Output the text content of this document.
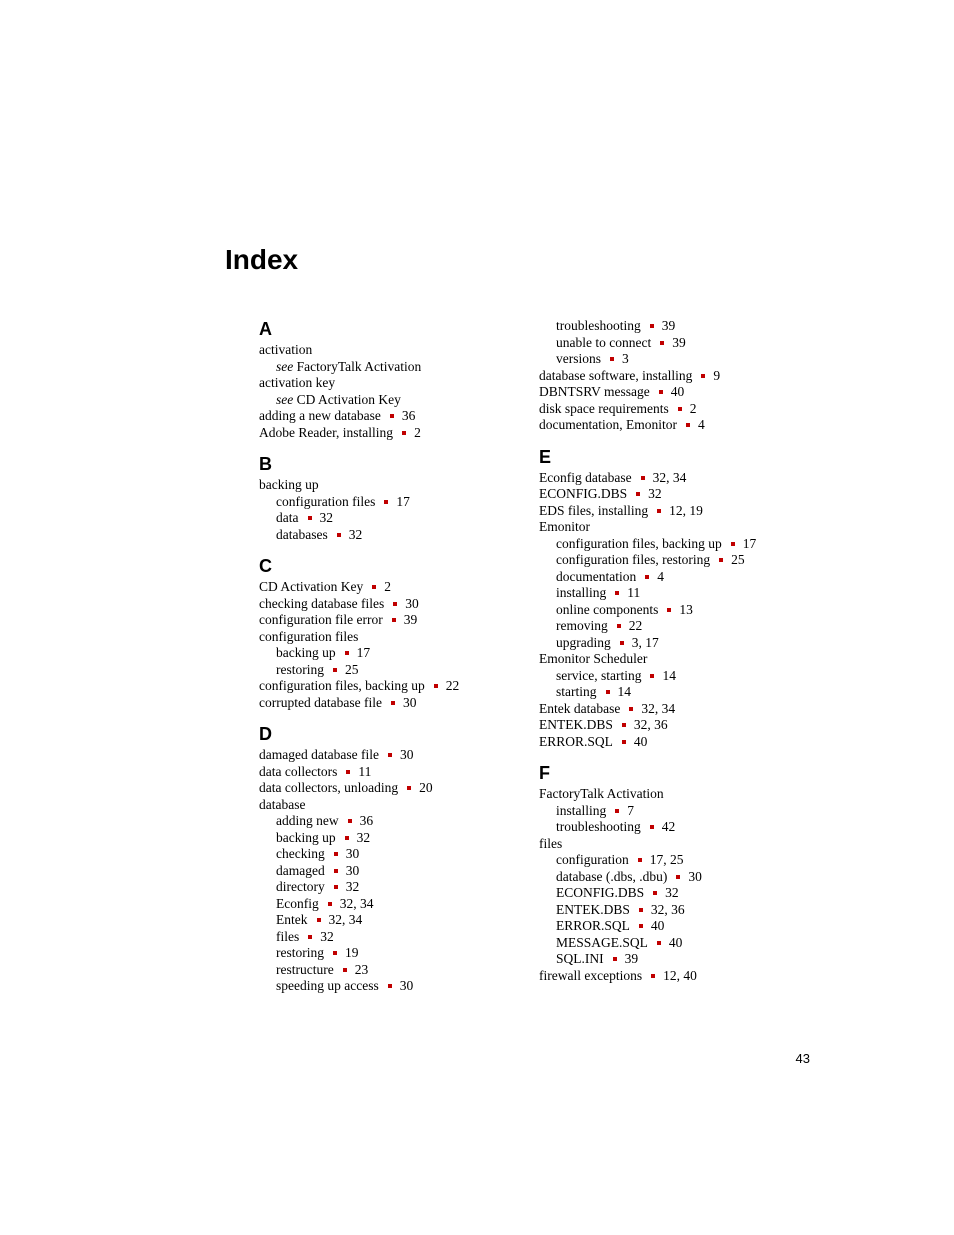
Index
A
activation
see FactoryTalk Activation
activation key
see CD Activation Key
adding a new database 36
Adobe Reader, installing 2
B
backing up
configuration files 17
data 32
databases 32
C
CD Activation Key 2
checking database files 30
configuration file error 39
configuration files
backing up 17
restoring 25
configuration files, backing up 22
corrupted database file 30
D
damaged database file 30
data collectors 11
data collectors, unloading 20
database
adding new 36
backing up 32
checking 30
damaged 30
directory 32
Econfig 32, 34
Entek 32, 34
files 32
restoring 19
restructure 23
speeding up access 30
troubleshooting 39
unable to connect 39
versions 3
database software, installing 9
DBNTSRV message 40
disk space requirements 2
documentation, Emonitor 4
E
Econfig database 32, 34
ECONFIG.DBS 32
EDS files, installing 12, 19
Emonitor
configuration files, backing up 17
configuration files, restoring 25
documentation 4
installing 11
online components 13
removing 22
upgrading 3, 17
Emonitor Scheduler
service, starting 14
starting 14
Entek database 32, 34
ENTEK.DBS 32, 36
ERROR.SQL 40
F
FactoryTalk Activation
installing 7
troubleshooting 42
files
configuration 17, 25
database (.dbs, .dbu) 30
ECONFIG.DBS 32
ENTEK.DBS 32, 36
ERROR.SQL 40
MESSAGE.SQL 40
SQL.INI 39
firewall exceptions 12, 40
43
